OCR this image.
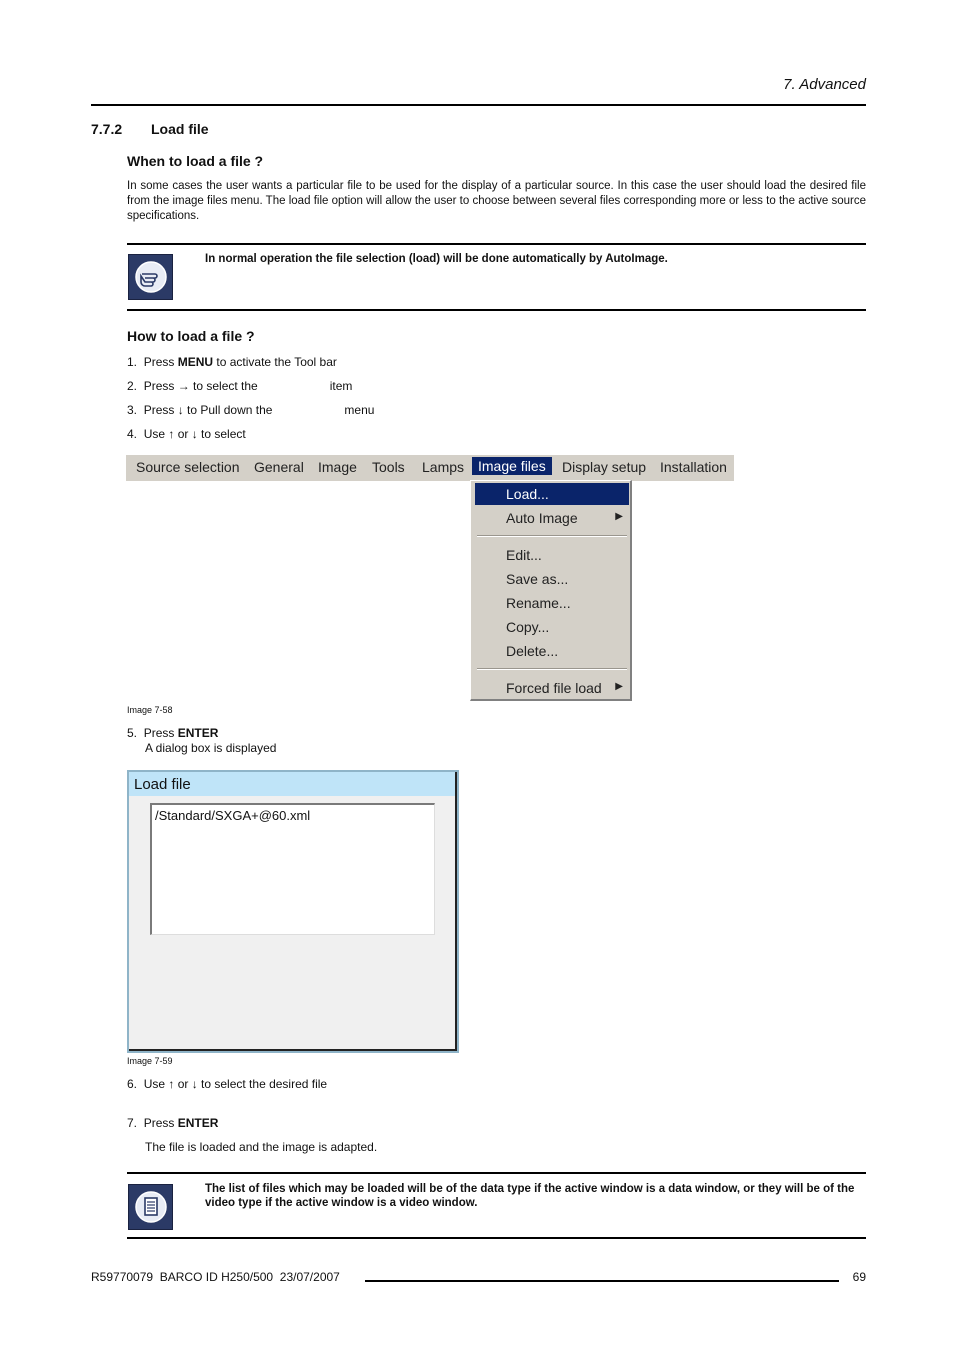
7. Advanced
7.7.2 Load file
When to load a file ?
In some cases the user wants a particular file to be used for the display of a particular source. In this case the user should load the desired file from the image files menu. The load file option will allow the user to choose between several files corresponding more or less to the active source specifications.
In normal operation the file selection (load) will be done automatically by AutoImage.
How to load a file ?
1. Press MENU to activate the Tool bar
2. Press → to select the	item
3. Press ↓ to Pull down the	menu
4. Use ↑ or ↓ to select
Source selection General Image Tools Lamps Image files	Display setup Installation
Load...
Auto Image	▶
Edit...
Save as...
Rename...
Copy...
Delete...
Forced file load ▶
Image 7-58
5. Press ENTER
A dialog box is displayed
Load file
/Standard/SXGA+@60.xml
Image 7-59
6. Use ↑ or ↓ to select the desired file
7. Press ENTER
The file is loaded and the image is adapted.
The list of files which may be loaded will be of the data type if the active window is a data window, or they will be of the video type if the active window is a video window.
R59770079  BARCO ID H250/500  23/07/2007	69
